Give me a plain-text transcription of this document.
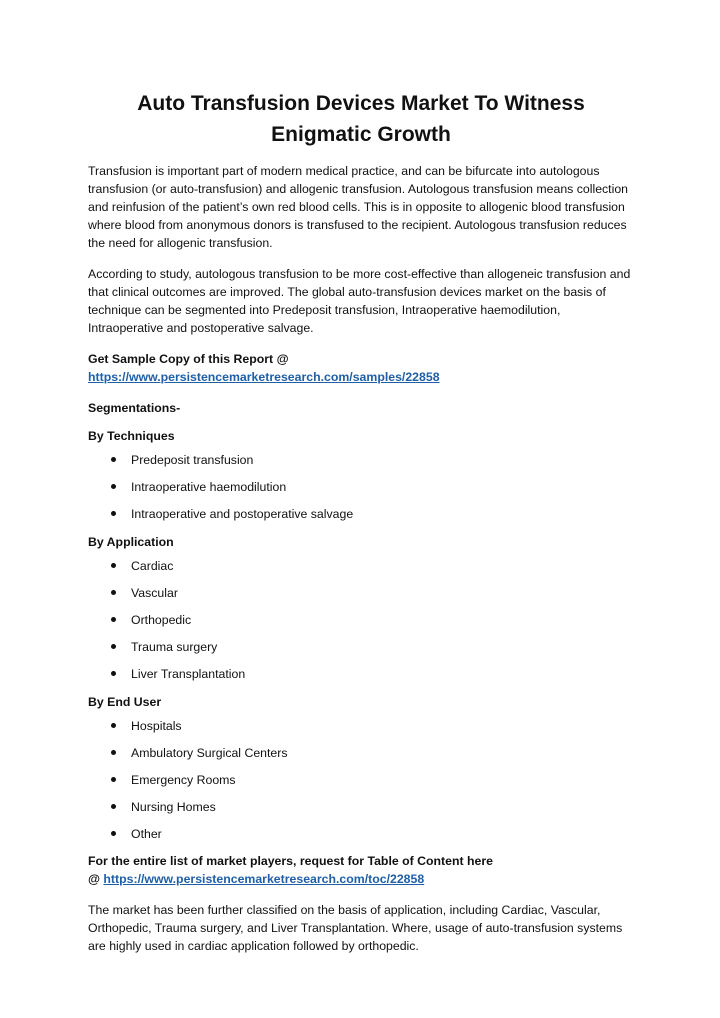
Auto Transfusion Devices Market To Witness Enigmatic Growth

Transfusion is important part of modern medical practice, and can be bifurcate into autologous transfusion (or auto-transfusion) and allogenic transfusion. Autologous transfusion means collection and reinfusion of the patient’s own red blood cells. This is in opposite to allogenic blood transfusion where blood from anonymous donors is transfused to the recipient. Autologous transfusion reduces the need for allogenic transfusion.

According to study, autologous transfusion to be more cost-effective than allogeneic transfusion and that clinical outcomes are improved. The global auto-transfusion devices market on the basis of technique can be segmented into Predeposit transfusion, Intraoperative haemodilution, Intraoperative and postoperative salvage.

Get Sample Copy of this Report @ https://www.persistencemarketresearch.com/samples/22858

Segmentations-

By Techniques

Predeposit transfusion
Intraoperative haemodilution
Intraoperative and postoperative salvage

By Application

Cardiac
Vascular
Orthopedic
Trauma surgery
Liver Transplantation

By End User

Hospitals
Ambulatory Surgical Centers
Emergency Rooms
Nursing Homes
Other

For the entire list of market players, request for Table of Content here
@ https://www.persistencemarketresearch.com/toc/22858

The market has been further classified on the basis of application, including Cardiac, Vascular, Orthopedic, Trauma surgery, and Liver Transplantation. Where, usage of auto-transfusion systems are highly used in cardiac application followed by orthopedic.
